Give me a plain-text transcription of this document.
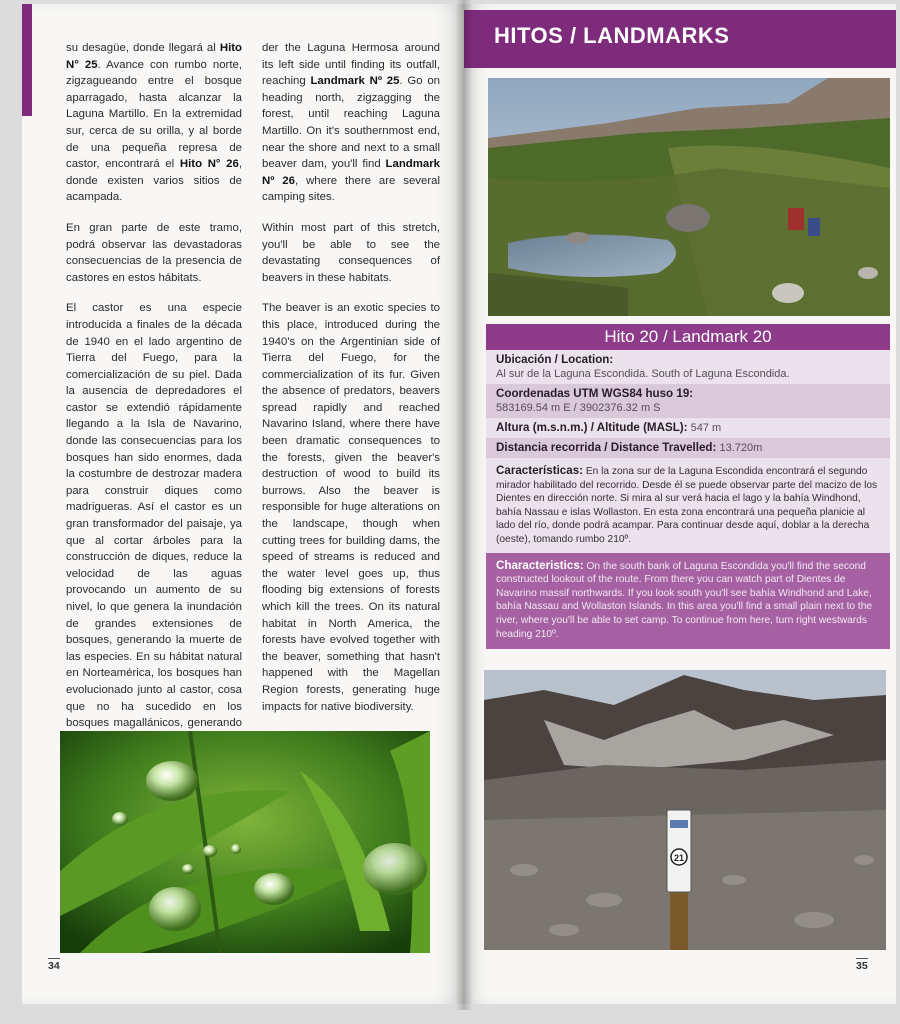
su desagüe, donde llegará al Hito N° 25. Avance con rumbo norte, zigzagueando entre el bosque aparragado, hasta alcanzar la Laguna Martillo. En la extremidad sur, cerca de su orilla, y al borde de una pequeña represa de castor, encontrará el Hito N° 26, donde existen varios sitios de acampada.

En gran parte de este tramo, podrá observar las devastadoras consecuencias de la presencia de castores en estos hábitats.

El castor es una especie introducida a finales de la década de 1940 en el lado argentino de Tierra del Fuego, para la comercialización de su piel. Dada la ausencia de depredadores el castor se extendió rápidamente llegando a la Isla de Navarino, donde las consecuencias para los bosques han sido enormes, dada la costumbre de destrozar madera para construir diques como madrigueras. Así el castor es un gran transformador del paisaje, ya que al cortar árboles para la construcción de diques, reduce la velocidad de las aguas provocando un aumento de su nivel, lo que genera la inundación de grandes extensiones de bosques, generando la muerte de las especies. En su hábitat natural en Norteamérica, los bosques han evolucionado junto al castor, cosa que no ha sucedido en los bosques magallánicos, generando

der the Laguna Hermosa around its left side until finding its outfall, reaching Landmark Nº 25. Go on heading north, zigzagging the forest, until reaching Laguna Martillo. On it's southernmost end, near the shore and next to a small beaver dam, you'll find Landmark Nº 26, where there are several camping sites.

Within most part of this stretch, you'll be able to see the devastating consequences of beavers in these habitats.

The beaver is an exotic species to this place, introduced during the 1940's on the Argentinian side of Tierra del Fuego, for the commercialization of its fur. Given the absence of predators, beavers spread rapidly and reached Navarino Island, where there have been dramatic consequences to the forests, given the beaver's destruction of wood to build its burrows. Also the beaver is responsible for huge alterations on the landscape, though when cutting trees for building dams, the speed of streams is reduced and the water level goes up, thus flooding big extensions of forests which kill the trees. On its natural habitat in North America, the forests have evolved together with the beaver, something that hasn't happened with the Magellan Region forests, generating huge impacts for native biodiversity.

34
HITOS / LANDMARKS
Hito 20 / Landmark 20
Ubicación / Location:
Al sur de la Laguna Escondida. South of Laguna Escondida.
Coordenadas UTM WGS84 huso 19:
583169.54 m E / 3902376.32 m S
Altura (m.s.n.m.) / Altitude (MASL): 547 m
Distancia recorrida / Distance Travelled: 13.720m
Características: En la zona sur de la Laguna Escondida encontrará el segundo mirador habilitado del recorrido. Desde él se puede observar parte del macizo de los Dientes en dirección norte. Si mira al sur verá hacia el lago y la bahía Windhond, bahía Nassau e islas Wollaston. En esta zona encontrará una pequeña planicie al lado del río, donde podrá acampar. Para continuar desde aquí, doblar a la derecha (oeste), tomando rumbo 210º.
Characteristics: On the south bank of Laguna Escondida you'll find the second constructed lookout of the route. From there you can watch part of Dientes de Navarino massif northwards. If you look south you'll see bahía Windhond and Lake, bahía Nassau and Wollaston Islands. In this area you'll find a small plain next to the river, where you'll be able to set camp. To continue from here, turn right westwards heading 210º.
21
35
